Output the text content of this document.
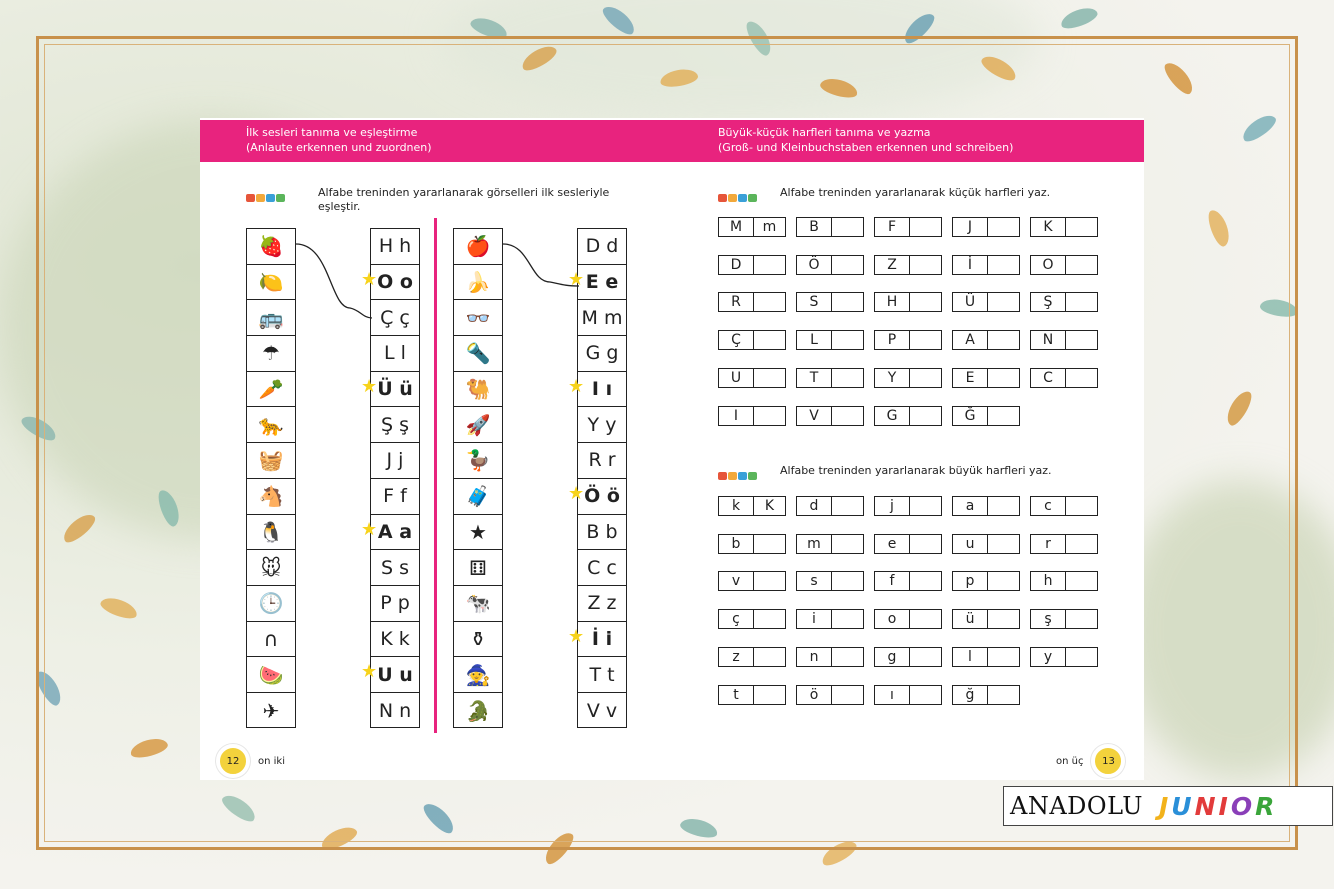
İlk sesleri tanıma ve eşleştirme
(Anlaute erkennen und zuordnen)
Alfabe treninden yararlanarak görselleri ilk sesleriyle
eşleştir.
🍓
🍋
🚌
☂
🥕
🐆
🧺
🐴
🐧
🐭
🕒
∩
🍉
✈
H h
★ O o
Ç ç
L l
★ Ü ü
Ş ş
J j
F f
★ A a
S s
P p
K k
★ U u
N n
🍎
🍌
👓
🔦
🐫
🚀
🦆
🧳
★
⚅
🐄
⚱
🧙
🐊
D d
★ E e
M m
G g
★ I ı
Y y
R r
★ Ö ö
B b
C c
Z z
★ İ i
T t
V v
12	on iki
Büyük-küçük harfleri tanıma ve yazma
(Groß- und Kleinbuchstaben erkennen und schreiben)
Alfabe treninden yararlanarak küçük harfleri yaz.
M	m	B	F	J	K
D	Ö	Z	İ	O
R	S	H	Ü	Ş
Ç	L	P	A	N
U	T	Y	E	C
I	V	G	Ğ
Alfabe treninden yararlanarak büyük harfleri yaz.
k	K	d	j	a	c
b	m	e	u	r
v	s	f	p	h
ç	i	o	ü	ş
z	n	g	l	y
t	ö	ı	ğ
on üç	13
ANADOLU JUNIOR
